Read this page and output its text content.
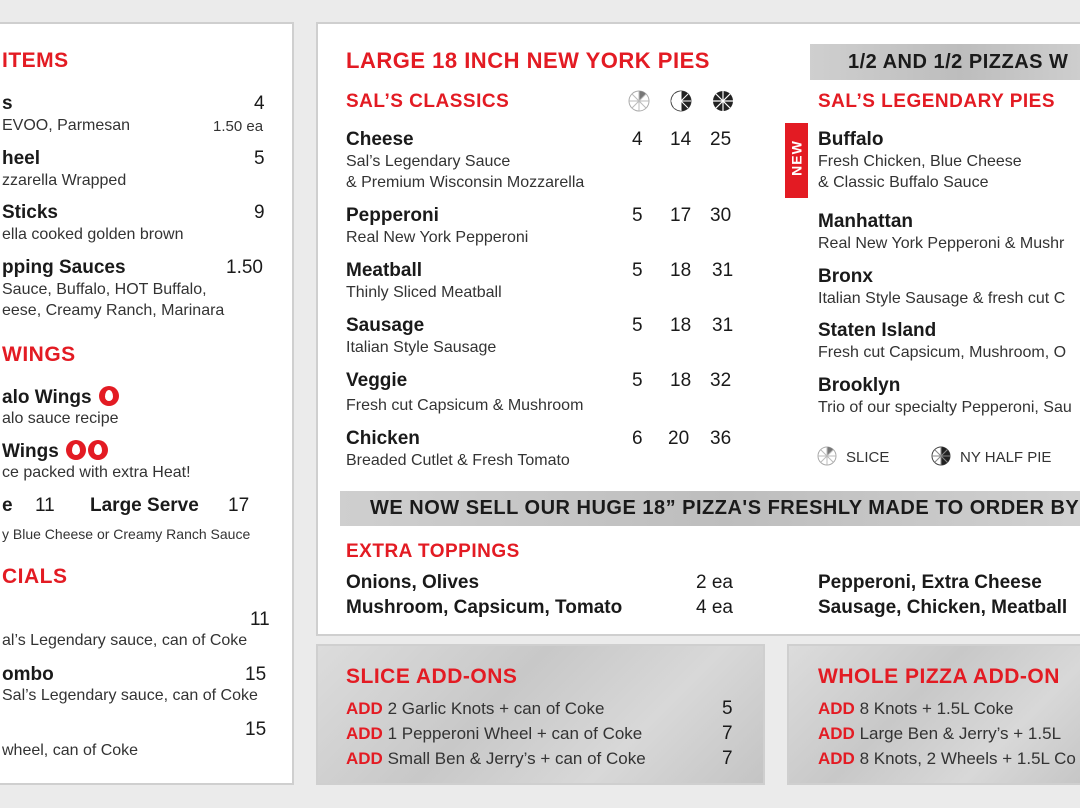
ITEMS
s	4
EVOO, Parmesan	1.50 ea
heel	5
zzarella Wrapped
Sticks	9
ella cooked golden brown
pping Sauces	1.50
Sauce, Buffalo, HOT Buffalo,
eese, Creamy Ranch, Marinara
WINGS
alo Wings
alo sauce recipe
Wings
ce packed with extra Heat!
e 11 Large Serve 17
y Blue Cheese or Creamy Ranch Sauce
CIALS
11
al’s Legendary sauce, can of Coke
ombo	15
Sal’s Legendary sauce, can of Coke
15
wheel, can of Coke
1/2 AND 1/2 PIZZAS W
WE NOW SELL OUR HUGE 18” PIZZA'S FRESHLY MADE TO ORDER BY
LARGE 18 INCH NEW YORK PIES
SAL’S CLASSICS
Cheese
Sal’s Legendary Sauce
& Premium Wisconsin Mozzarella
4 14 25
Pepperoni
Real New York Pepperoni
5 17 30
Meatball
Thinly Sliced Meatball
5 18 31
Sausage
Italian Style Sausage
5 18 31
Veggie
Fresh cut Capsicum & Mushroom
5 18 32
Chicken
Breaded Cutlet & Fresh Tomato
6 20 36
SAL’S LEGENDARY PIES
NEW
Buffalo
Fresh Chicken, Blue Cheese
& Classic Buffalo Sauce
Manhattan
Real New York Pepperoni & Mushr
Bronx
Italian Style Sausage & fresh cut C
Staten Island
Fresh cut Capsicum, Mushroom, O
Brooklyn
Trio of our specialty Pepperoni, Sau
SLICE	NY HALF PIE
EXTRA TOPPINGS
Onions, Olives	2 ea
Mushroom, Capsicum, Tomato	4 ea
Pepperoni, Extra Cheese
Sausage, Chicken, Meatball
SLICE ADD-ONS
ADD 2 Garlic Knots + can of Coke	5
ADD 1 Pepperoni Wheel + can of Coke	7
ADD Small Ben & Jerry’s + can of Coke	7
WHOLE PIZZA ADD-ON
ADD 8 Knots + 1.5L Coke
ADD Large Ben & Jerry’s + 1.5L
ADD 8 Knots, 2 Wheels + 1.5L Co
